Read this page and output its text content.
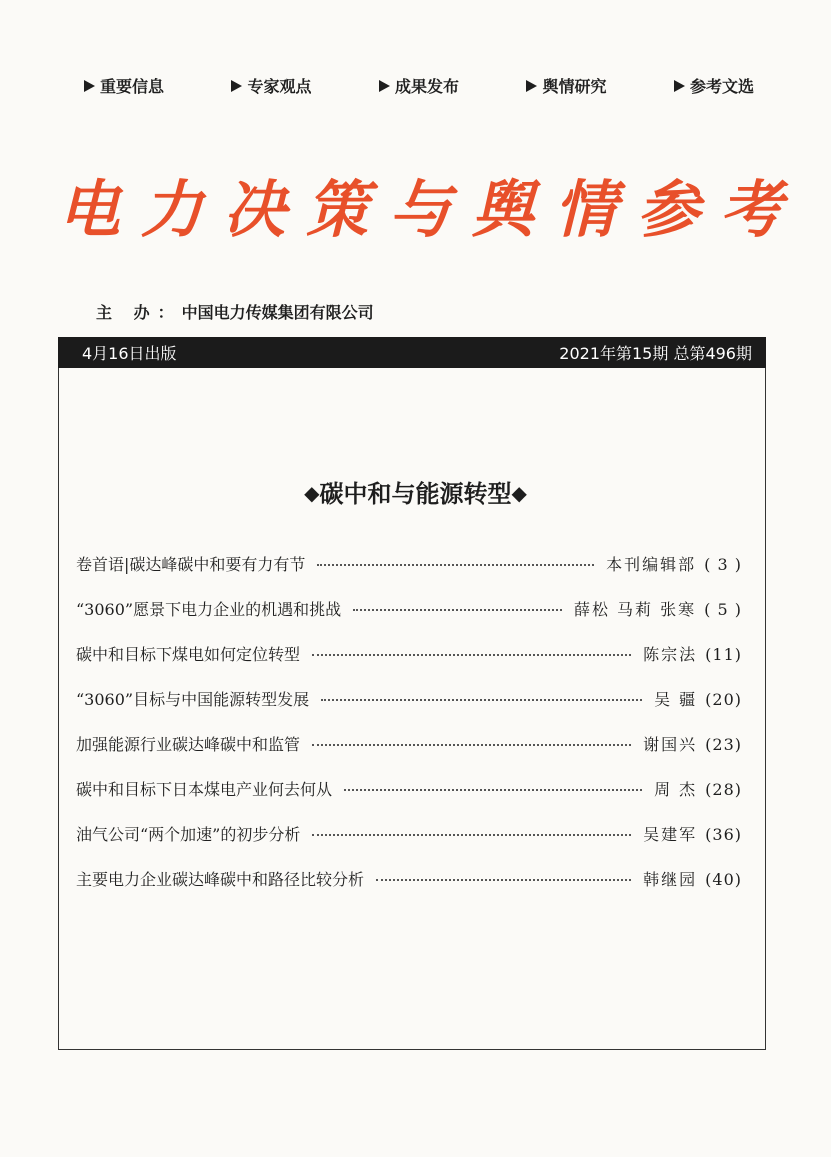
重要信息	专家观点	成果发布	舆情研究	参考文选
电 力 决 策 与 舆 情 参 考
主 办：中国电力传媒集团有限公司
4月16日出版	2021年第15期 总第496期
◆碳中和与能源转型◆
卷首语|碳达峰碳中和要有力有节	本刊编辑部 ( 3 )
“3060”愿景下电力企业的机遇和挑战	薛松 马莉 张寒 ( 5 )
碳中和目标下煤电如何定位转型	陈宗法 (11)
“3060”目标与中国能源转型发展	吴 疆 (20)
加强能源行业碳达峰碳中和监管	谢国兴 (23)
碳中和目标下日本煤电产业何去何从	周 杰 (28)
油气公司“两个加速”的初步分析	吴建军 (36)
主要电力企业碳达峰碳中和路径比较分析	韩继园 (40)
